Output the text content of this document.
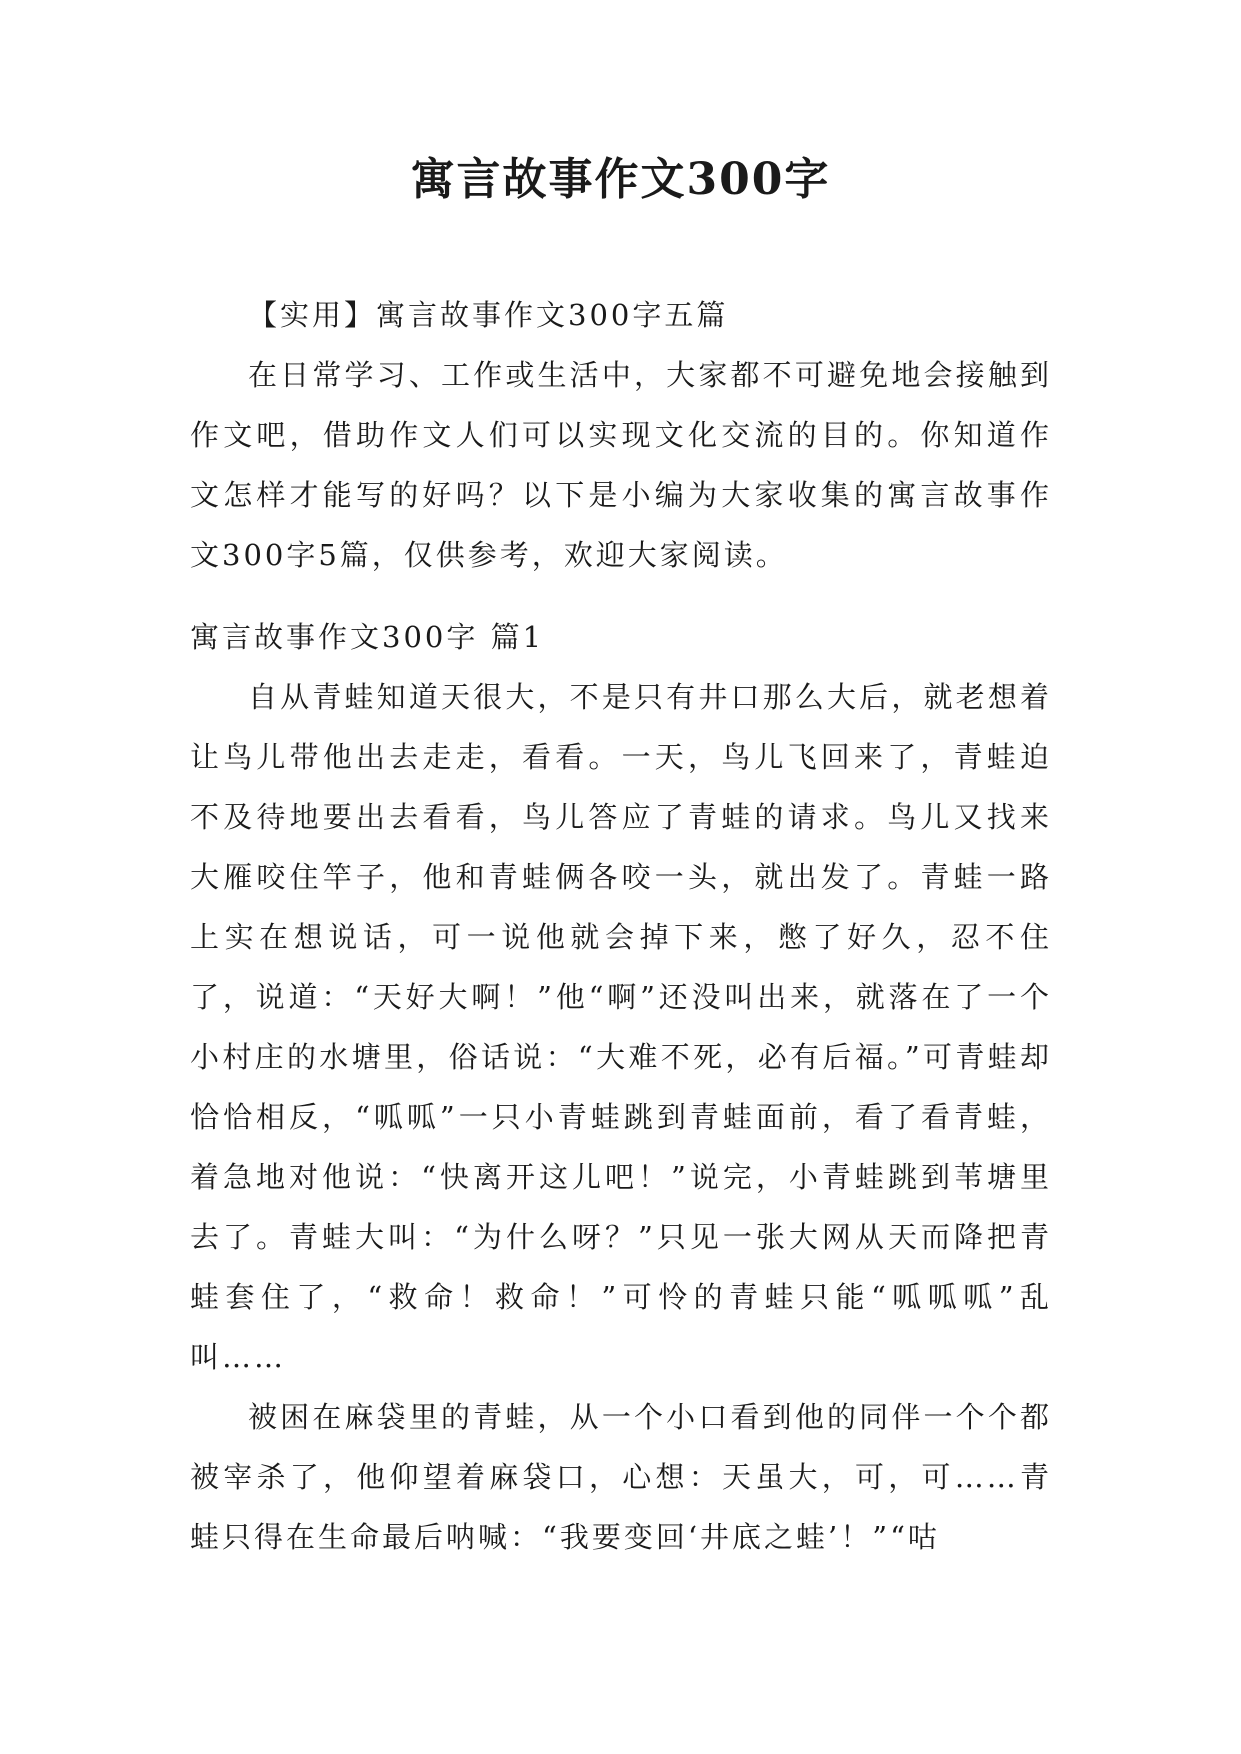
寓言故事作文300字

【实用】寓言故事作文300字五篇

在日常学习、工作或生活中，大家都不可避免地会接触到作文吧，借助作文人们可以实现文化交流的目的。你知道作文怎样才能写的好吗？以下是小编为大家收集的寓言故事作文300字5篇，仅供参考，欢迎大家阅读。

寓言故事作文300字 篇1

自从青蛙知道天很大，不是只有井口那么大后，就老想着让鸟儿带他出去走走，看看。一天，鸟儿飞回来了，青蛙迫不及待地要出去看看，鸟儿答应了青蛙的请求。鸟儿又找来大雁咬住竿子，他和青蛙俩各咬一头，就出发了。青蛙一路上实在想说话，可一说他就会掉下来，憋了好久，忍不住了，说道：“天好大啊！”他“啊”还没叫出来，就落在了一个小村庄的水塘里，俗话说：“大难不死，必有后福。”可青蛙却恰恰相反，“呱呱”一只小青蛙跳到青蛙面前，看了看青蛙，着急地对他说：“快离开这儿吧！”说完，小青蛙跳到苇塘里去了。青蛙大叫：“为什么呀？”只见一张大网从天而降把青蛙套住了，“救命！救命！”可怜的青蛙只能“呱呱呱”乱叫……

被困在麻袋里的青蛙，从一个小口看到他的同伴一个个都被宰杀了，他仰望着麻袋口，心想：天虽大，可，可……青蛙只得在生命最后呐喊：“我要变回‘井底之蛙’！”“咕
